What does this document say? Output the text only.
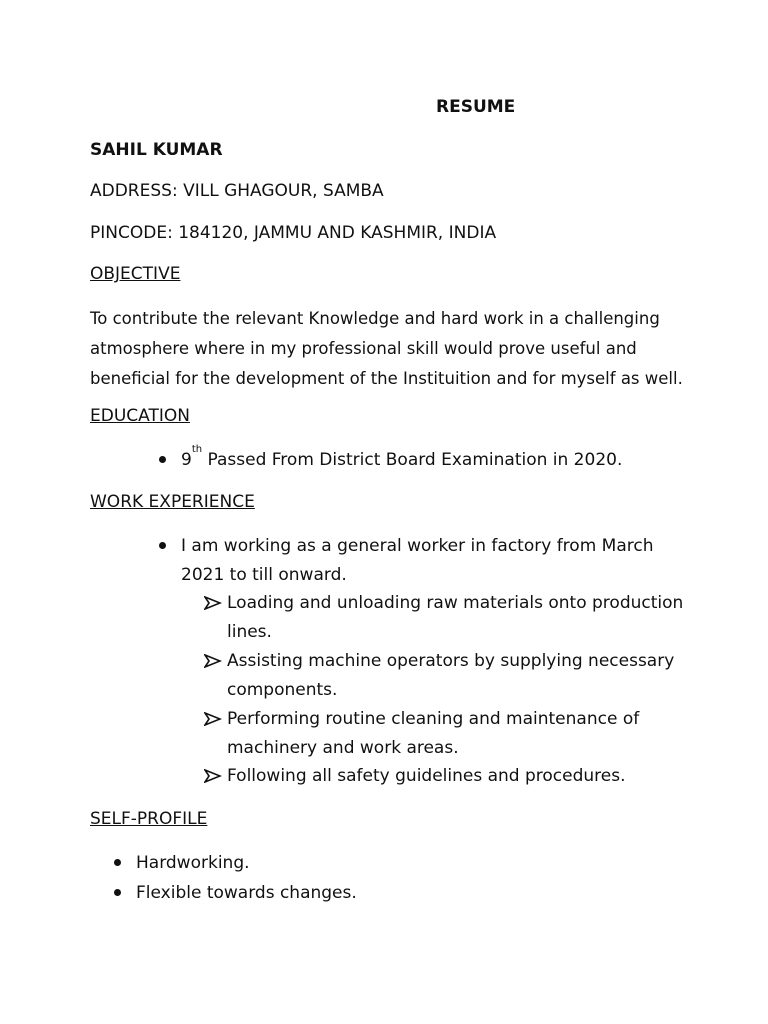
RESUME
SAHIL KUMAR
ADDRESS: VILL GHAGOUR, SAMBA
PINCODE: 184120, JAMMU AND KASHMIR, INDIA
OBJECTIVE
To contribute the relevant Knowledge and hard work in a challenging
atmosphere where in my professional skill would prove useful and
beneficial for the development of the Instituition and for myself as well.
EDUCATION
9th Passed From District Board Examination in 2020.
WORK EXPERIENCE
I am working as a general worker in factory from March
2021 to till onward.
Loading and unloading raw materials onto production
lines.
Assisting machine operators by supplying necessary
components.
Performing routine cleaning and maintenance of
machinery and work areas.
Following all safety guidelines and procedures.
SELF-PROFILE
Hardworking.
Flexible towards changes.
